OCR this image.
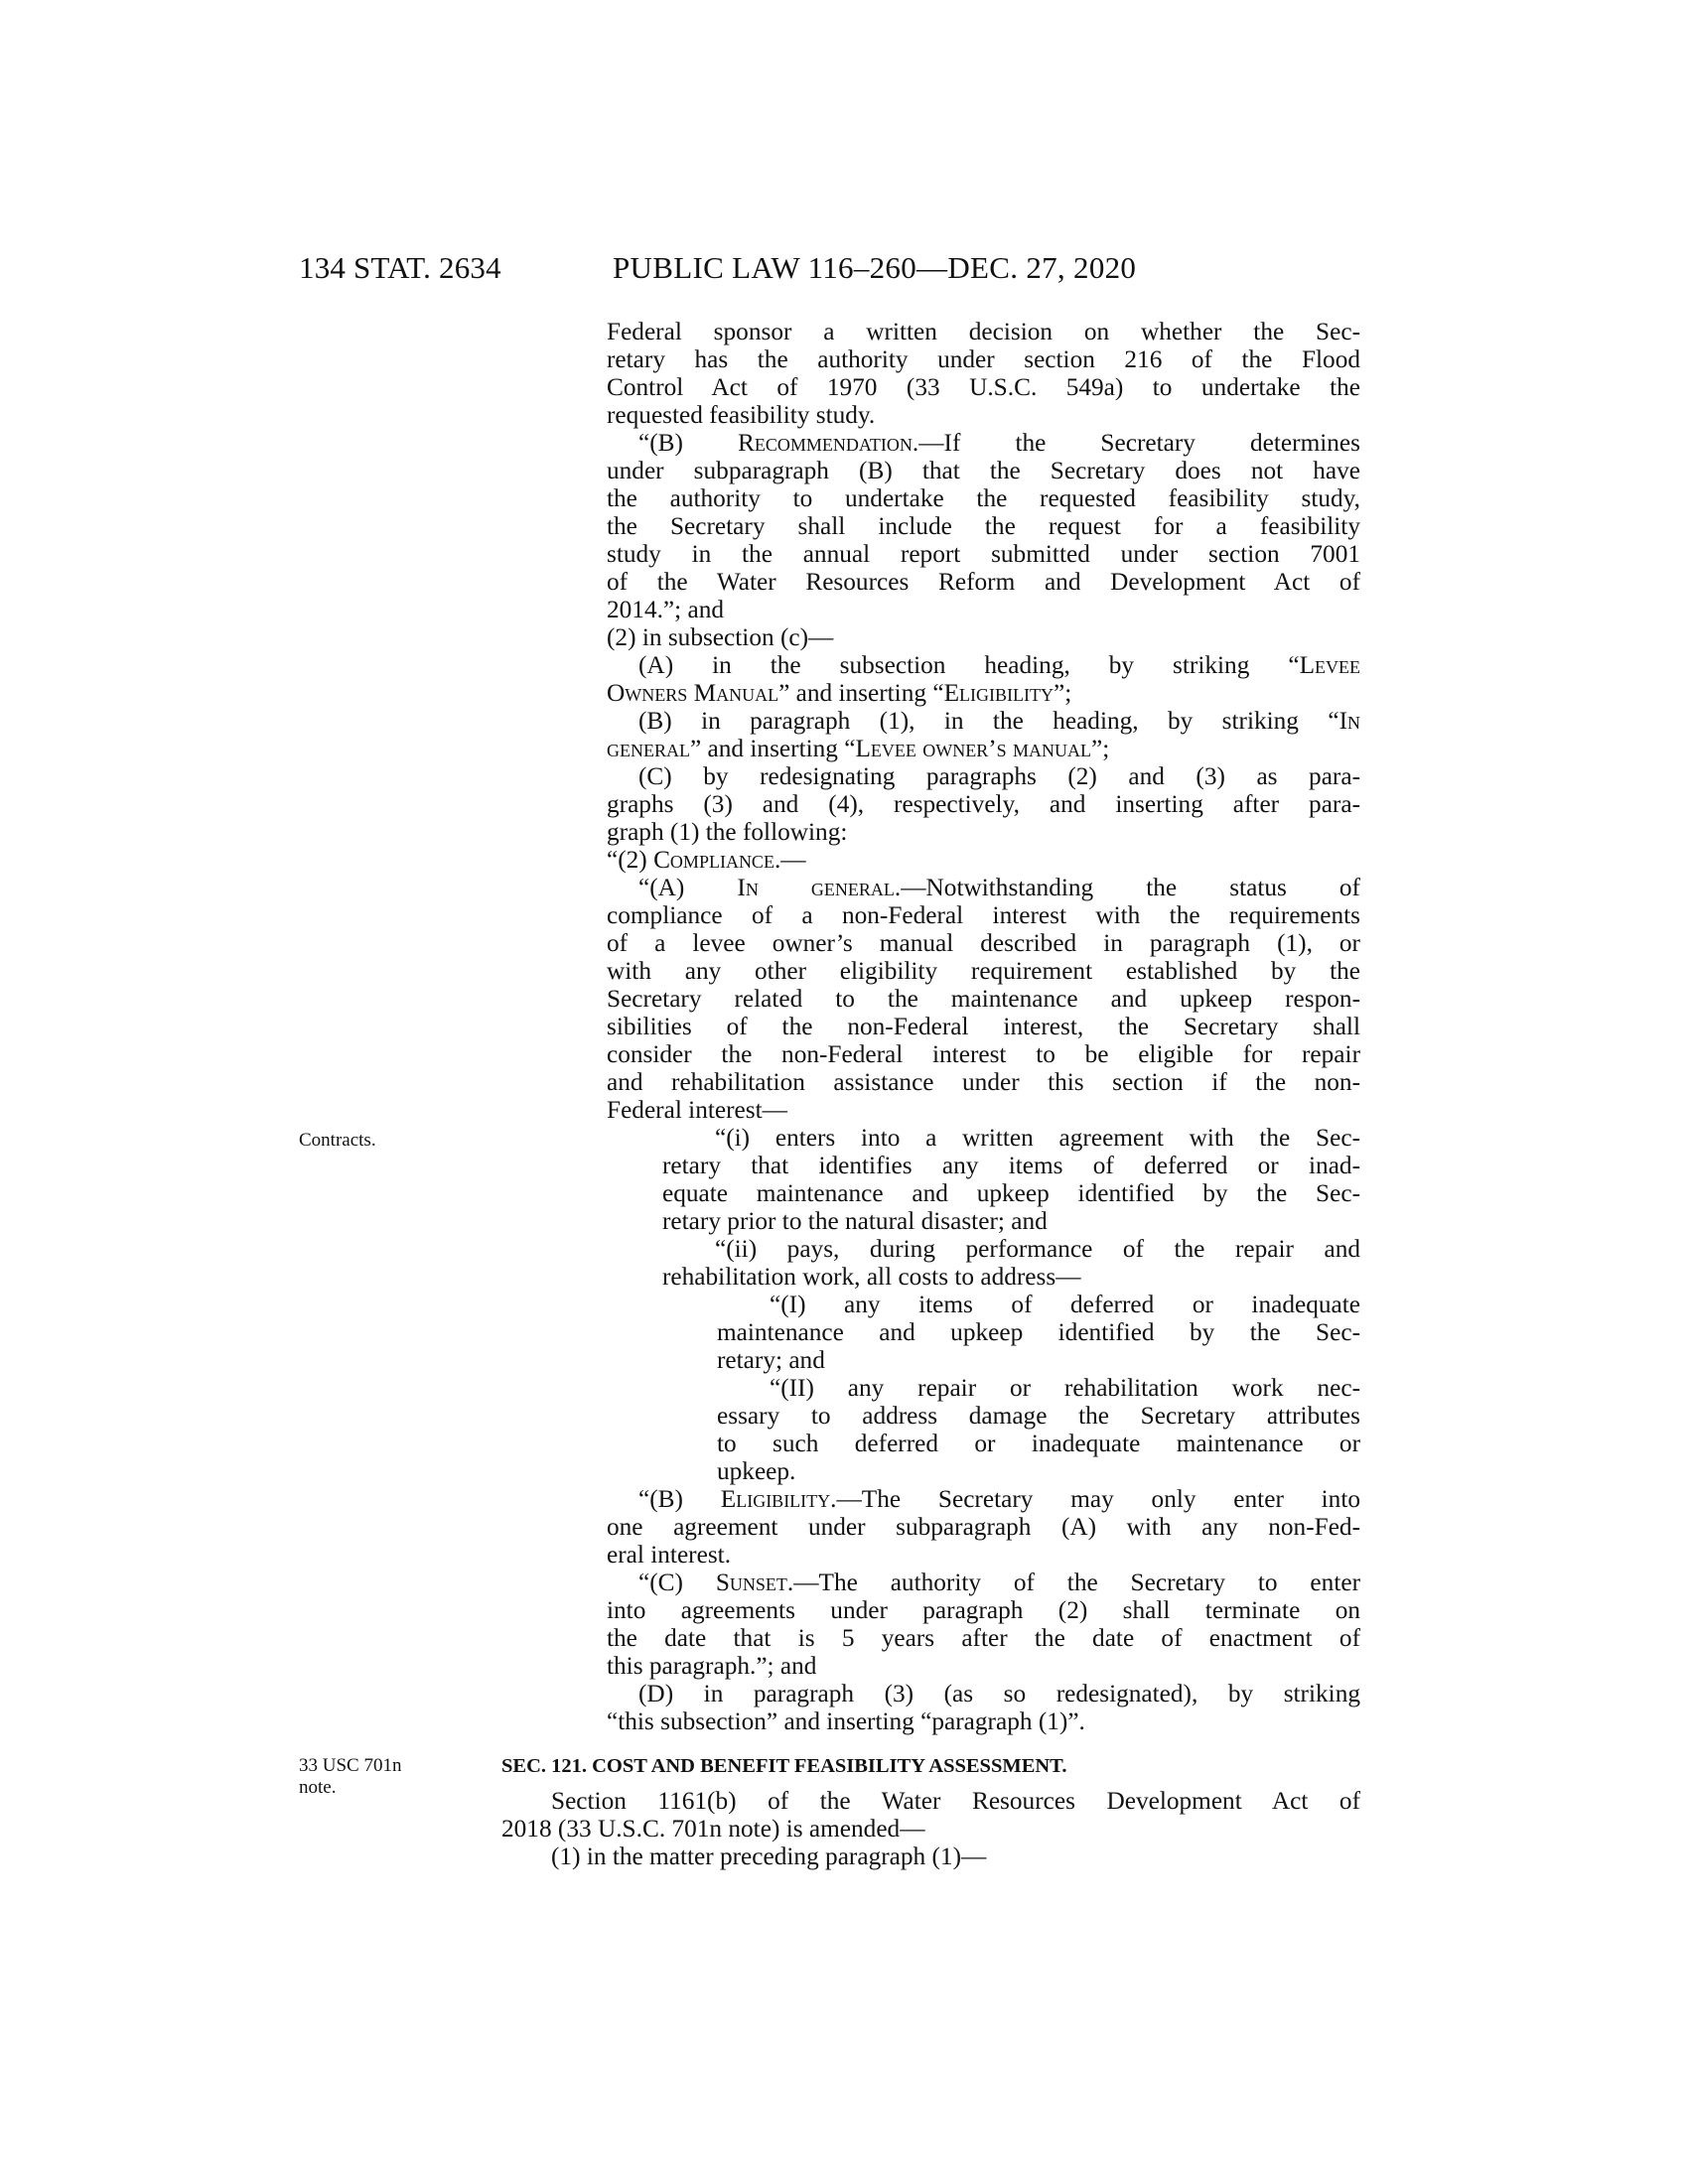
134 STAT. 2634	PUBLIC LAW 116–260—DEC. 27, 2020
Contracts.
33 USC 701n
note.
Federal sponsor a written decision on whether the Sec-
retary has the authority under section 216 of the Flood
Control Act of 1970 (33 U.S.C. 549a) to undertake the
requested feasibility study.
“(B) Recommendation.—If the Secretary determines
under subparagraph (B) that the Secretary does not have
the authority to undertake the requested feasibility study,
the Secretary shall include the request for a feasibility
study in the annual report submitted under section 7001
of the Water Resources Reform and Development Act of
2014.”; and
(2) in subsection (c)—
(A) in the subsection heading, by striking “Levee
Owners Manual” and inserting “Eligibility”;
(B) in paragraph (1), in the heading, by striking “In
general” and inserting “Levee owner’s manual”;
(C) by redesignating paragraphs (2) and (3) as para-
graphs (3) and (4), respectively, and inserting after para-
graph (1) the following:
“(2) Compliance.—
“(A) In general.—Notwithstanding the status of
compliance of a non-Federal interest with the requirements
of a levee owner’s manual described in paragraph (1), or
with any other eligibility requirement established by the
Secretary related to the maintenance and upkeep respon-
sibilities of the non-Federal interest, the Secretary shall
consider the non-Federal interest to be eligible for repair
and rehabilitation assistance under this section if the non-
Federal interest—
“(i) enters into a written agreement with the Sec-
retary that identifies any items of deferred or inad-
equate maintenance and upkeep identified by the Sec-
retary prior to the natural disaster; and
“(ii) pays, during performance of the repair and
rehabilitation work, all costs to address—
“(I) any items of deferred or inadequate
maintenance and upkeep identified by the Sec-
retary; and
“(II) any repair or rehabilitation work nec-
essary to address damage the Secretary attributes
to such deferred or inadequate maintenance or
upkeep.
“(B) Eligibility.—The Secretary may only enter into
one agreement under subparagraph (A) with any non-Fed-
eral interest.
“(C) Sunset.—The authority of the Secretary to enter
into agreements under paragraph (2) shall terminate on
the date that is 5 years after the date of enactment of
this paragraph.”; and
(D) in paragraph (3) (as so redesignated), by striking
“this subsection” and inserting “paragraph (1)”.
SEC. 121. COST AND BENEFIT FEASIBILITY ASSESSMENT.
Section 1161(b) of the Water Resources Development Act of
2018 (33 U.S.C. 701n note) is amended—
(1) in the matter preceding paragraph (1)—
